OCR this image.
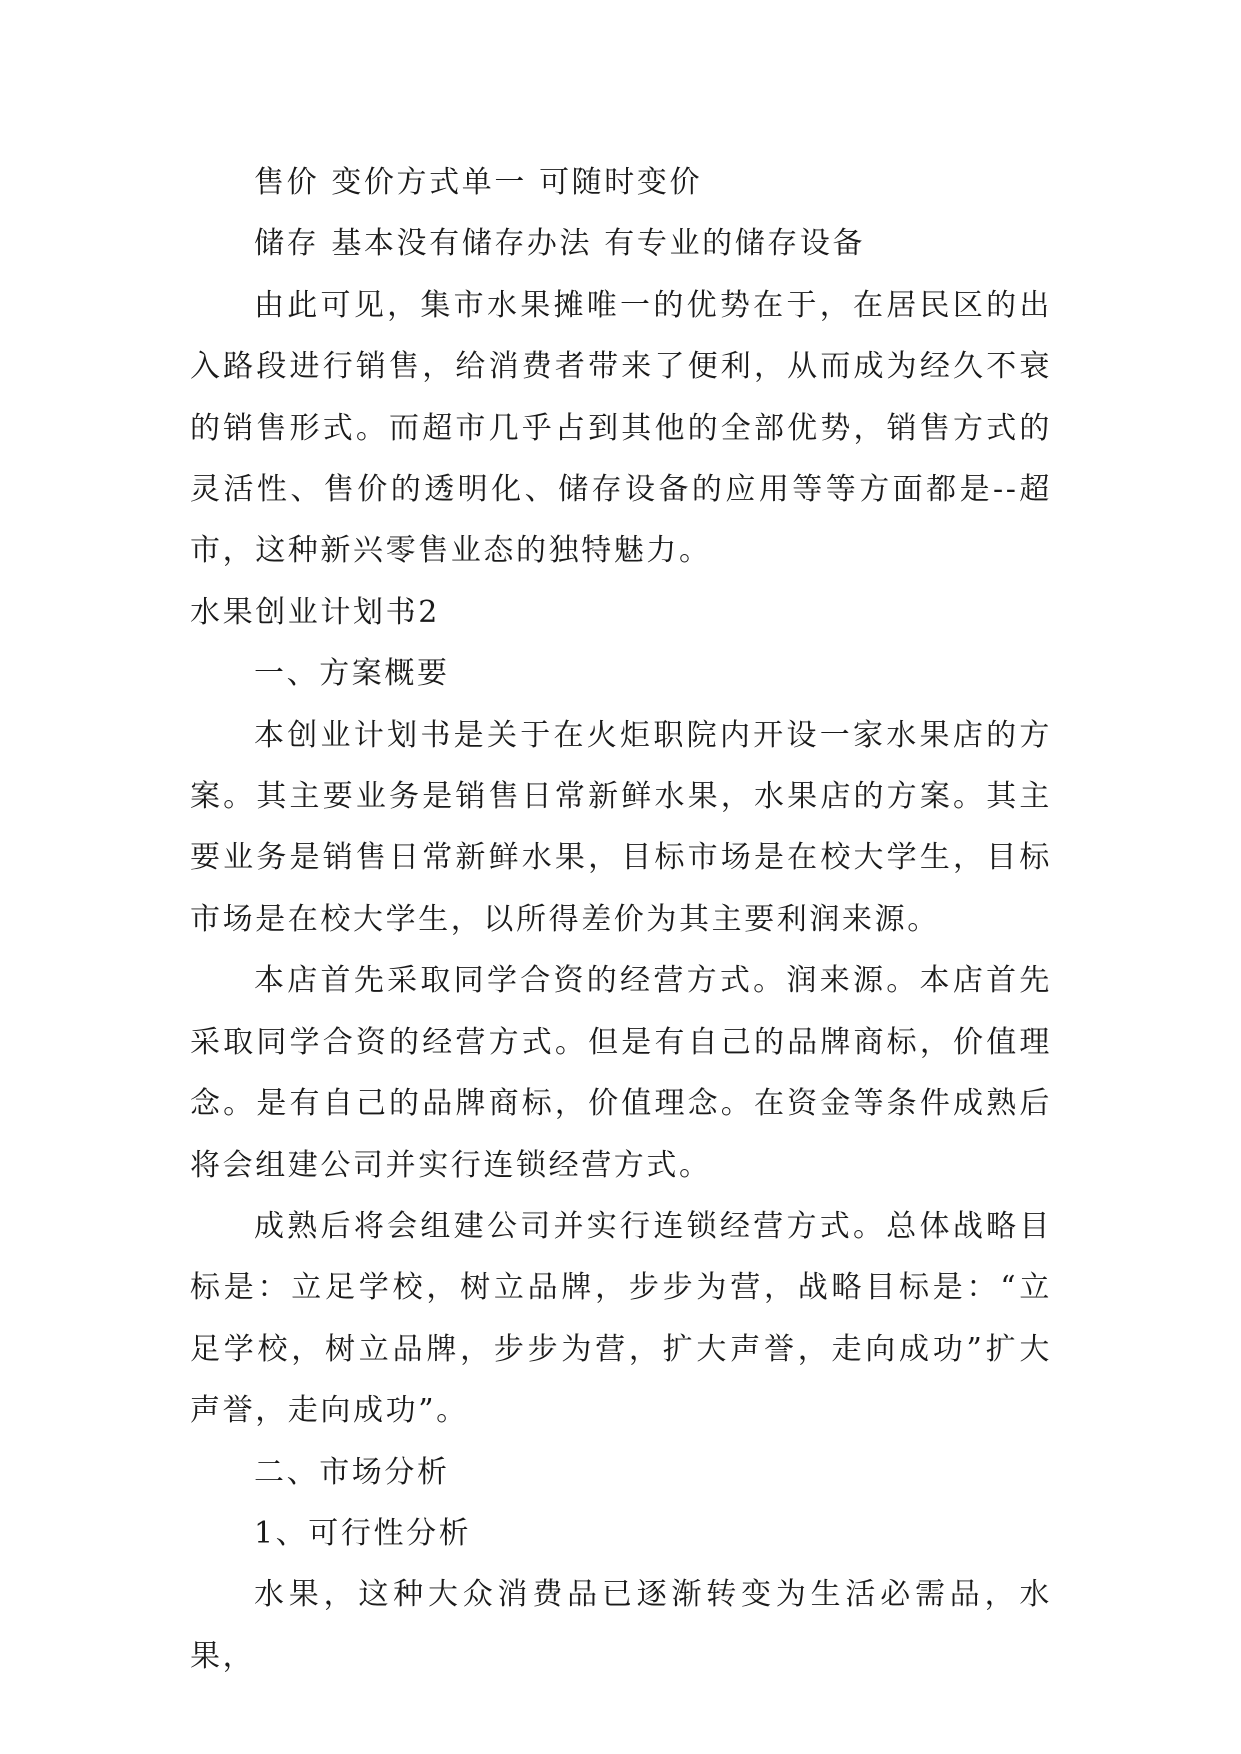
售价 变价方式单一 可随时变价

储存 基本没有储存办法 有专业的储存设备

由此可见，集市水果摊唯一的优势在于，在居民区的出入路段进行销售，给消费者带来了便利，从而成为经久不衰的销售形式。而超市几乎占到其他的全部优势，销售方式的灵活性、售价的透明化、储存设备的应用等等方面都是--超市，这种新兴零售业态的独特魅力。

水果创业计划书2

一、方案概要

本创业计划书是关于在火炬职院内开设一家水果店的方案。其主要业务是销售日常新鲜水果，水果店的方案。其主要业务是销售日常新鲜水果，目标市场是在校大学生，目标市场是在校大学生，以所得差价为其主要利润来源。

本店首先采取同学合资的经营方式。润来源。本店首先采取同学合资的经营方式。但是有自己的品牌商标，价值理念。是有自己的品牌商标，价值理念。在资金等条件成熟后将会组建公司并实行连锁经营方式。

成熟后将会组建公司并实行连锁经营方式。总体战略目标是：立足学校，树立品牌，步步为营，战略目标是：“立足学校，树立品牌，步步为营，扩大声誉，走向成功”扩大声誉，走向成功”。

二、市场分析

1、可行性分析

水果，这种大众消费品已逐渐转变为生活必需品，水果，
